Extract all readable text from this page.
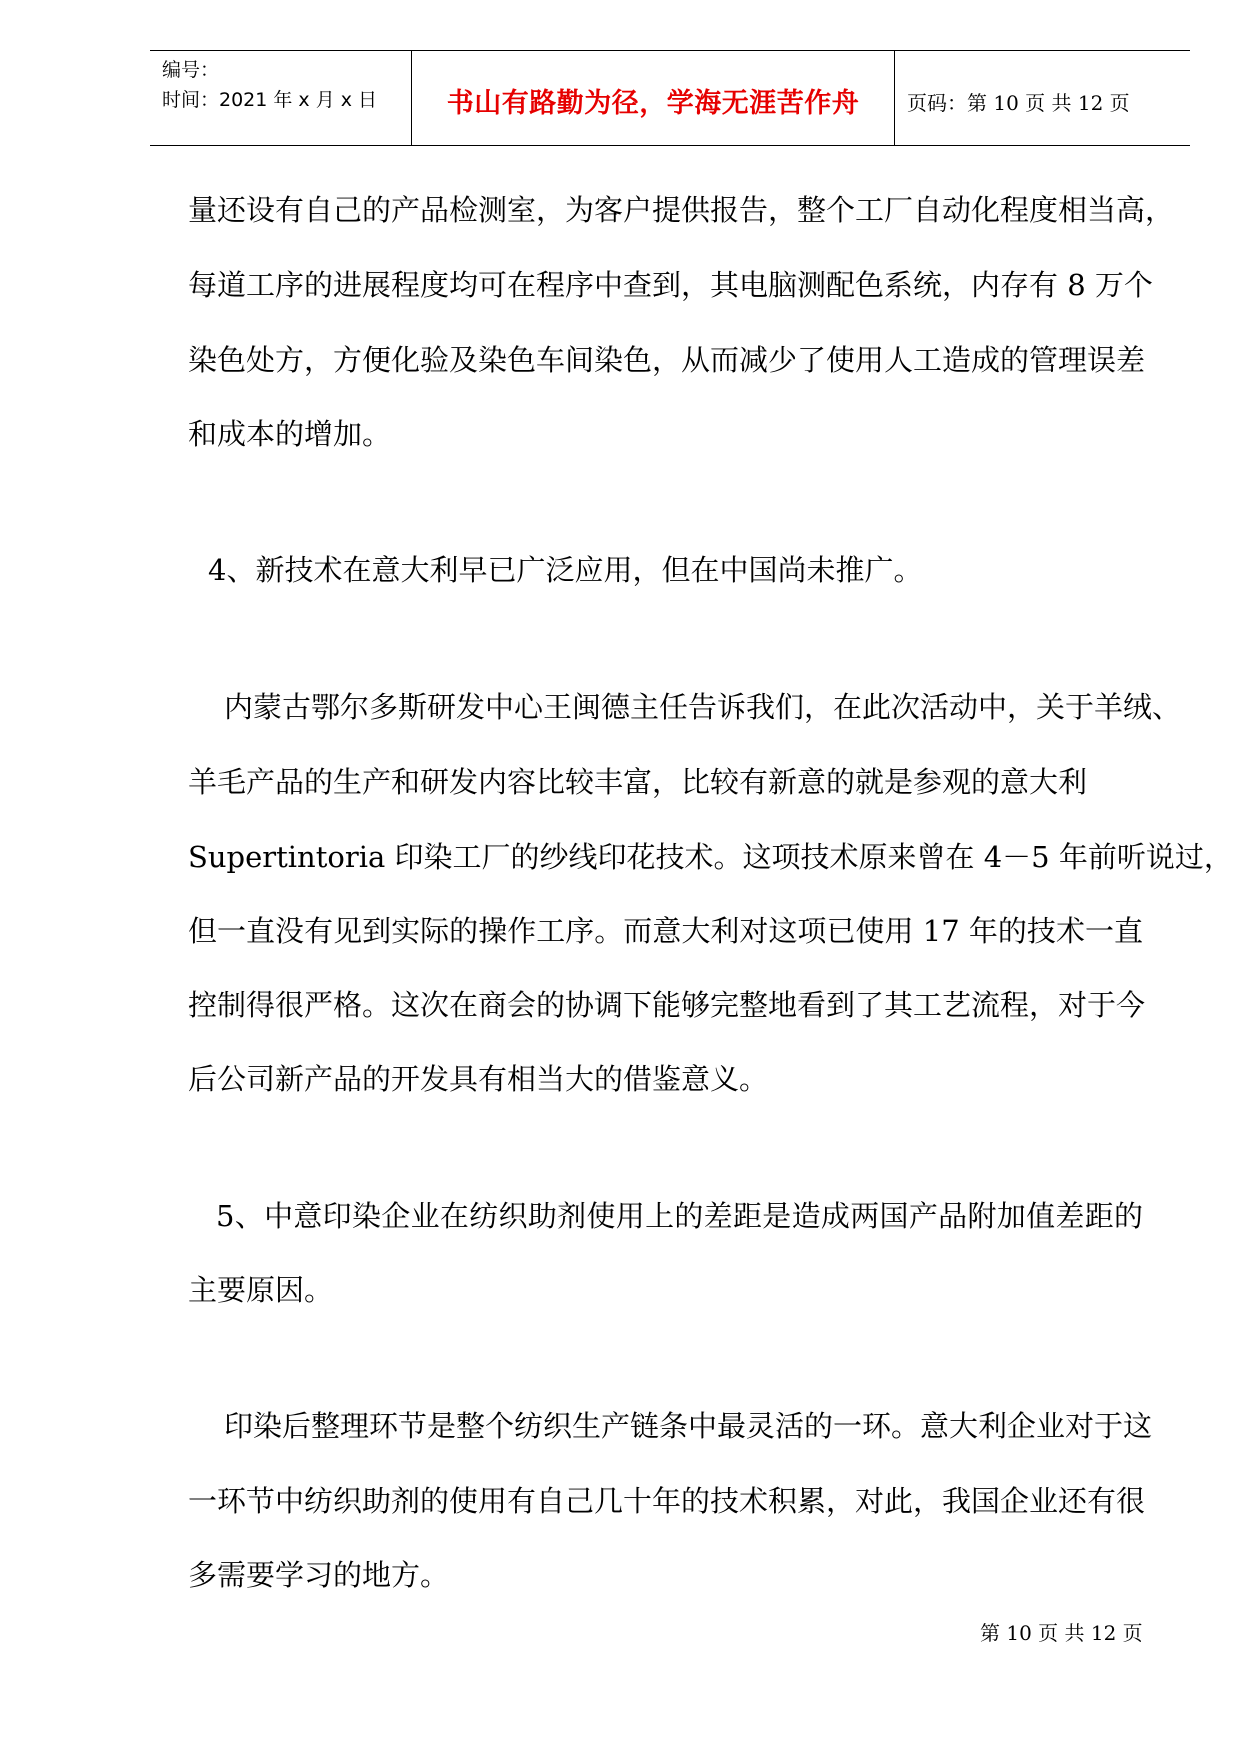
编号：
时间：2021 年 x 月 x 日	书山有路勤为径，学海无涯苦作舟	页码：第 10 页 共 12 页
量还设有自己的产品检测室，为客户提供报告，整个工厂自动化程度相当高，
每道工序的进展程度均可在程序中查到，其电脑测配色系统，内存有 8 万个
染色处方，方便化验及染色车间染色，从而减少了使用人工造成的管理误差
和成本的增加。
4、新技术在意大利早已广泛应用，但在中国尚未推广。
内蒙古鄂尔多斯研发中心王闽德主任告诉我们，在此次活动中，关于羊绒、
羊毛产品的生产和研发内容比较丰富，比较有新意的就是参观的意大利
Supertintoria 印染工厂的纱线印花技术。这项技术原来曾在 4－5 年前听说过，
但一直没有见到实际的操作工序。而意大利对这项已使用 17 年的技术一直
控制得很严格。这次在商会的协调下能够完整地看到了其工艺流程，对于今
后公司新产品的开发具有相当大的借鉴意义。
5、中意印染企业在纺织助剂使用上的差距是造成两国产品附加值差距的
主要原因。
印染后整理环节是整个纺织生产链条中最灵活的一环。意大利企业对于这
一环节中纺织助剂的使用有自己几十年的技术积累，对此，我国企业还有很
多需要学习的地方。
第 10 页 共 12 页
